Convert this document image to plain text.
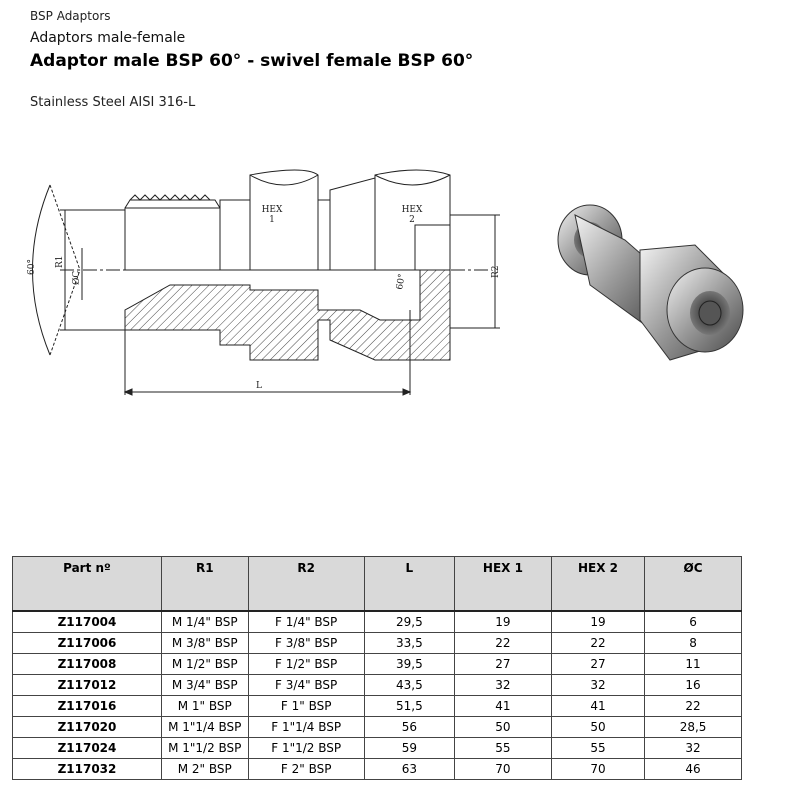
BSP Adaptors
Adaptors male-female
Adaptor male BSP 60° - swivel female BSP 60°
Stainless Steel AISI 316-L
HEX
1
HEX
2
R1
ØC	R2
L
60°
60°
Part nº	R1	R2	L	HEX 1	HEX 2	ØC
Z117004	M 1/4" BSP	F 1/4" BSP	29,5	19	19	6
Z117006	M 3/8" BSP	F 3/8" BSP	33,5	22	22	8
Z117008	M 1/2" BSP	F 1/2" BSP	39,5	27	27	11
Z117012	M 3/4" BSP	F 3/4" BSP	43,5	32	32	16
Z117016	M 1" BSP	F 1" BSP	51,5	41	41	22
Z117020	M 1"1/4 BSP	F 1"1/4 BSP	56	50	50	28,5
Z117024	M 1"1/2 BSP	F 1"1/2 BSP	59	55	55	32
Z117032	M 2" BSP	F 2" BSP	63	70	70	46
